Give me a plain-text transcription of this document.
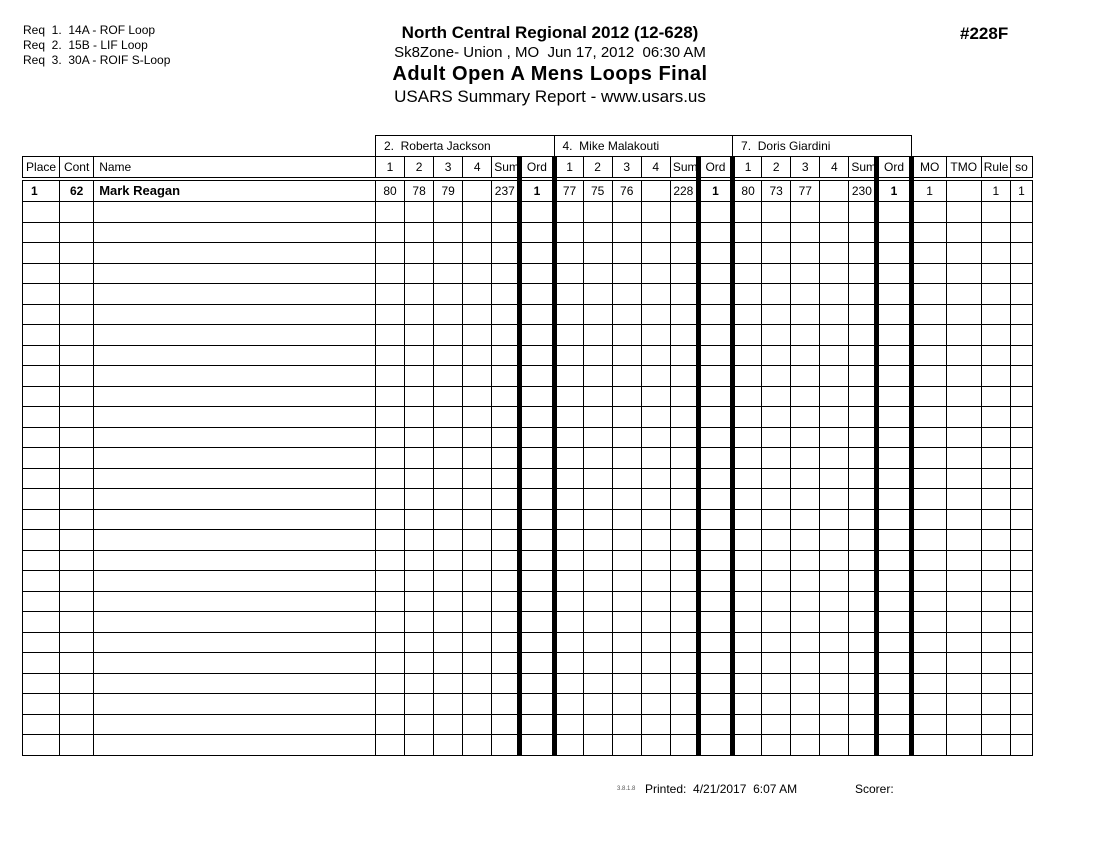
Req  1.  14A - ROF Loop
Req  2.  15B - LIF Loop
Req  3.  30A - ROIF S-Loop
North Central Regional 2012 (12-628)
Sk8Zone- Union , MO  Jun 17, 2012  06:30 AM
Adult Open A Mens Loops Final
USARS Summary Report - www.usars.us
#228F
			2.  Roberta Jackson						4.  Mike Malakouti						7.  Doris Giardini									
Place	Cont	Name	1	2	3	4	Sum	Ord	1	2	3	4	Sum	Ord	1	2	3	4	Sum	Ord	MO	TMO	Rule	so
1	62	Mark Reagan	80	78	79		237	1	77	75	76		228	1	80	73	77		230	1	1		1	1

3.8.1.8 Printed:  4/21/2017  6:07 AM	Scorer:
